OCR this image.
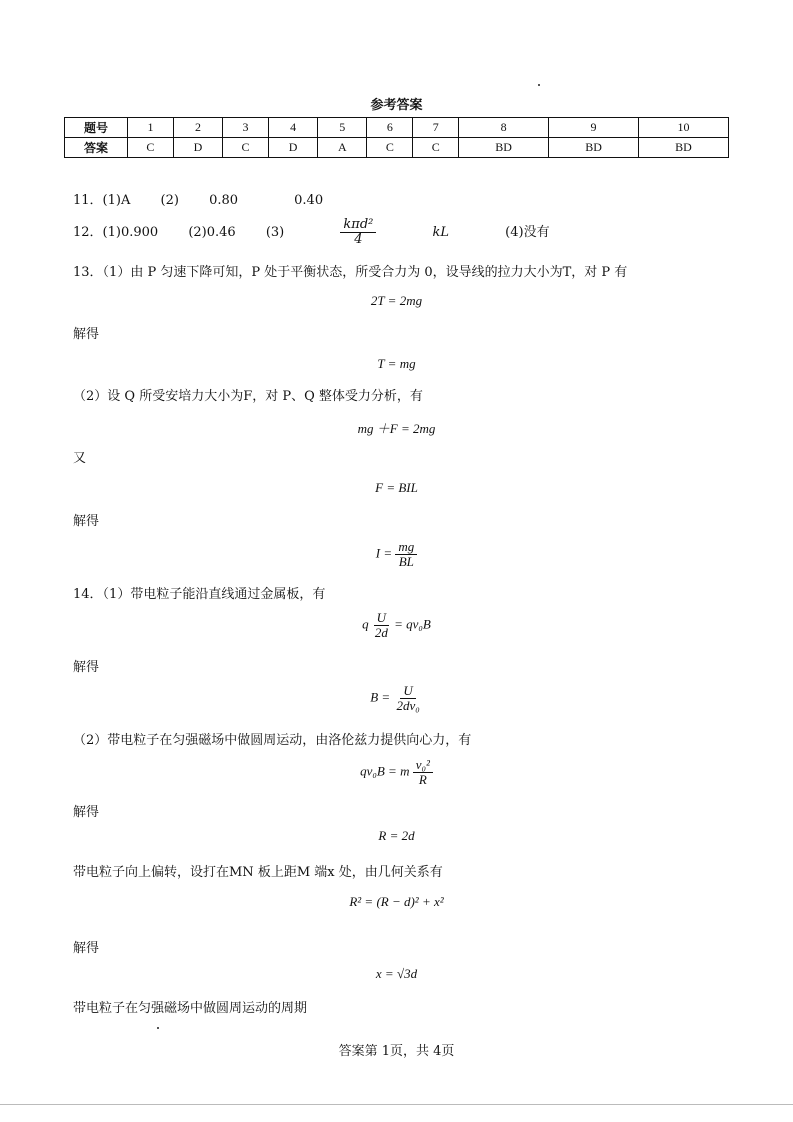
参考答案
题号	1	2	3	4	5	6	7	8	9	10
答案	C	D	C	D	A	C	C	BD	BD	BD
11．(1)A (2) 0.80	0.40
12．(1)0.900 (2)0.46 (3)	$\frac{\text{kπd²}}{4}$	kL	(4)没有
13．（1）由 P 匀速下降可知，P 处于平衡状态，所受合力为 0，设导线的拉力大小为T，对 P 有
2T = 2mg
解得
T = mg
（2）设 Q 所受安培力大小为F，对 P、Q 整体受力分析，有
mg ＋F = 2mg
又
F = BIL
解得
$I = \frac{mg}{BL}$
14．（1）带电粒子能沿直线通过金属板，有
q $\frac{U}{2d} = qv_0B$
解得
$B = \frac{U}{\text{2dv₀}}$
（2）带电粒子在匀强磁场中做圆周运动，由洛伦兹力提供向心力，有
qv₀B = m $\frac{\text{v₀²}}{R}$
解得
R = 2d
带电粒子向上偏转，设打在MN 板上距M 端x 处，由几何关系有
R² = (R − d)² + x²
解得
x = √3d
带电粒子在匀强磁场中做圆周运动的周期
答案第 1页，共 4页
